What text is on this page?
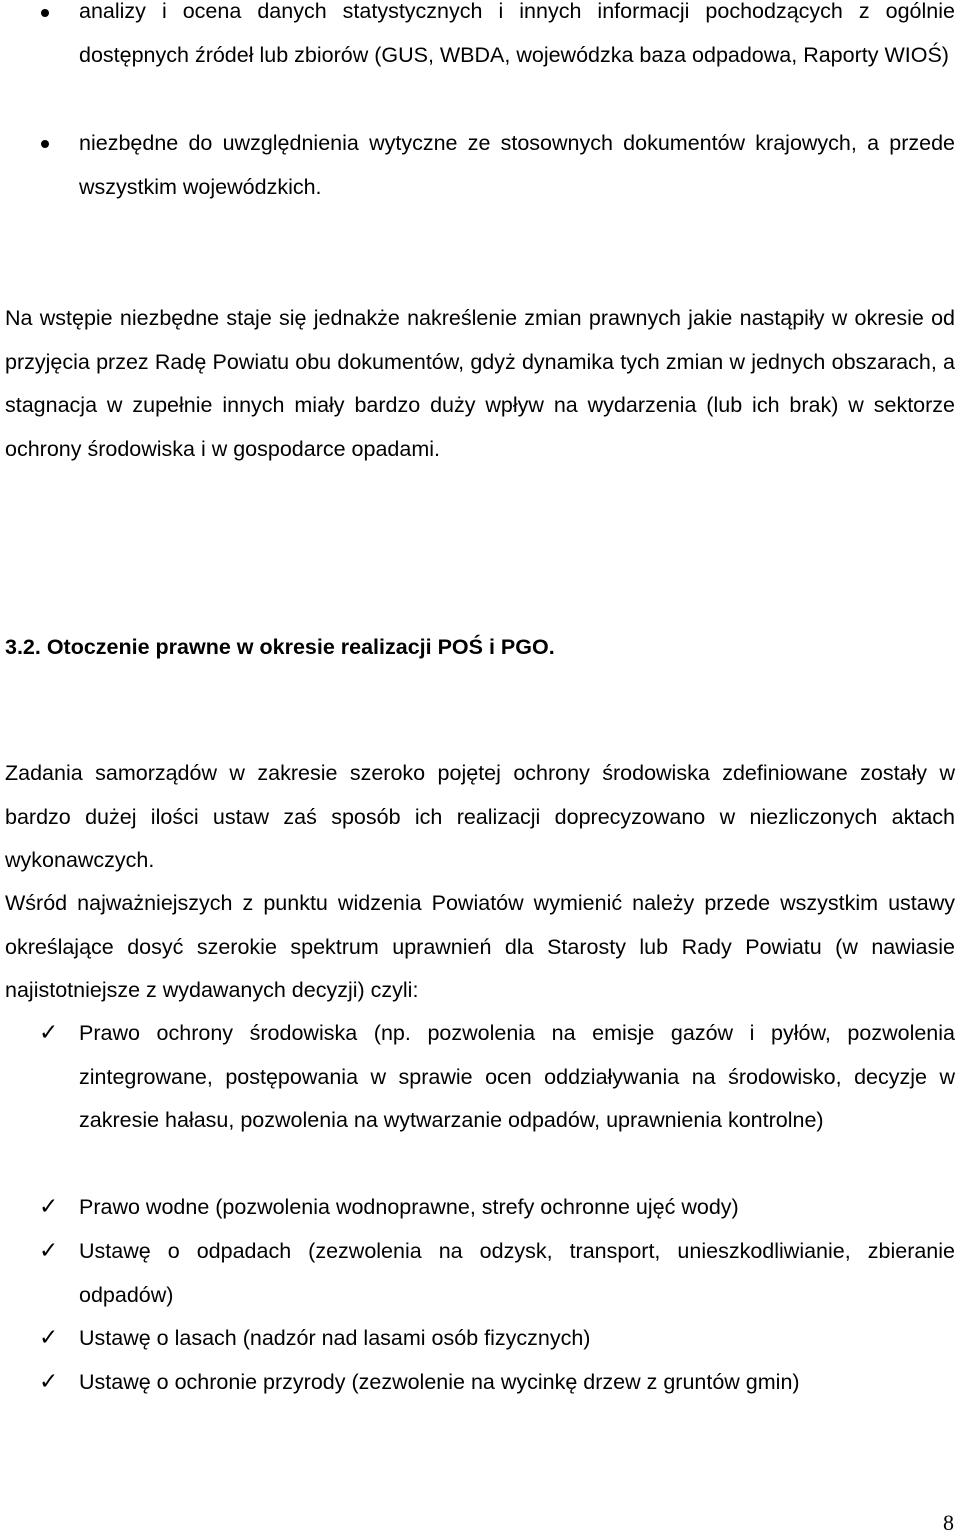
analizy i ocena danych statystycznych i innych informacji pochodzących z ogólnie dostępnych źródeł lub zbiorów (GUS, WBDA, wojewódzka baza odpadowa, Raporty WIOŚ)

niezbędne do uwzględnienia wytyczne ze stosownych dokumentów krajowych, a przede wszystkim wojewódzkich.

Na wstępie niezbędne staje się jednakże nakreślenie zmian prawnych jakie nastąpiły w okresie od przyjęcia przez Radę Powiatu obu dokumentów, gdyż dynamika tych zmian w jednych obszarach, a stagnacja w zupełnie innych miały bardzo duży wpływ na wydarzenia (lub ich brak) w sektorze ochrony środowiska i w gospodarce opadami.

3.2. Otoczenie prawne w okresie realizacji POŚ i PGO.

Zadania samorządów w zakresie szeroko pojętej ochrony środowiska zdefiniowane zostały w bardzo dużej ilości ustaw zaś sposób ich realizacji doprecyzowano w niezliczonych aktach wykonawczych.

Wśród najważniejszych z punktu widzenia Powiatów wymienić należy przede wszystkim ustawy określające dosyć szerokie spektrum uprawnień dla Starosty lub Rady Powiatu (w nawiasie najistotniejsze z wydawanych decyzji) czyli:

✓ Prawo ochrony środowiska (np. pozwolenia na emisje gazów i pyłów, pozwolenia zintegrowane, postępowania w sprawie ocen oddziaływania na środowisko, decyzje w zakresie hałasu, pozwolenia na wytwarzanie odpadów, uprawnienia kontrolne)

✓ Prawo wodne (pozwolenia wodnoprawne, strefy ochronne ujęć wody)

✓ Ustawę o odpadach (zezwolenia na odzysk, transport, unieszkodliwianie, zbieranie odpadów)

✓ Ustawę o lasach (nadzór nad lasami osób fizycznych)

✓ Ustawę o ochronie przyrody (zezwolenie na wycinkę drzew z gruntów gmin)

8
